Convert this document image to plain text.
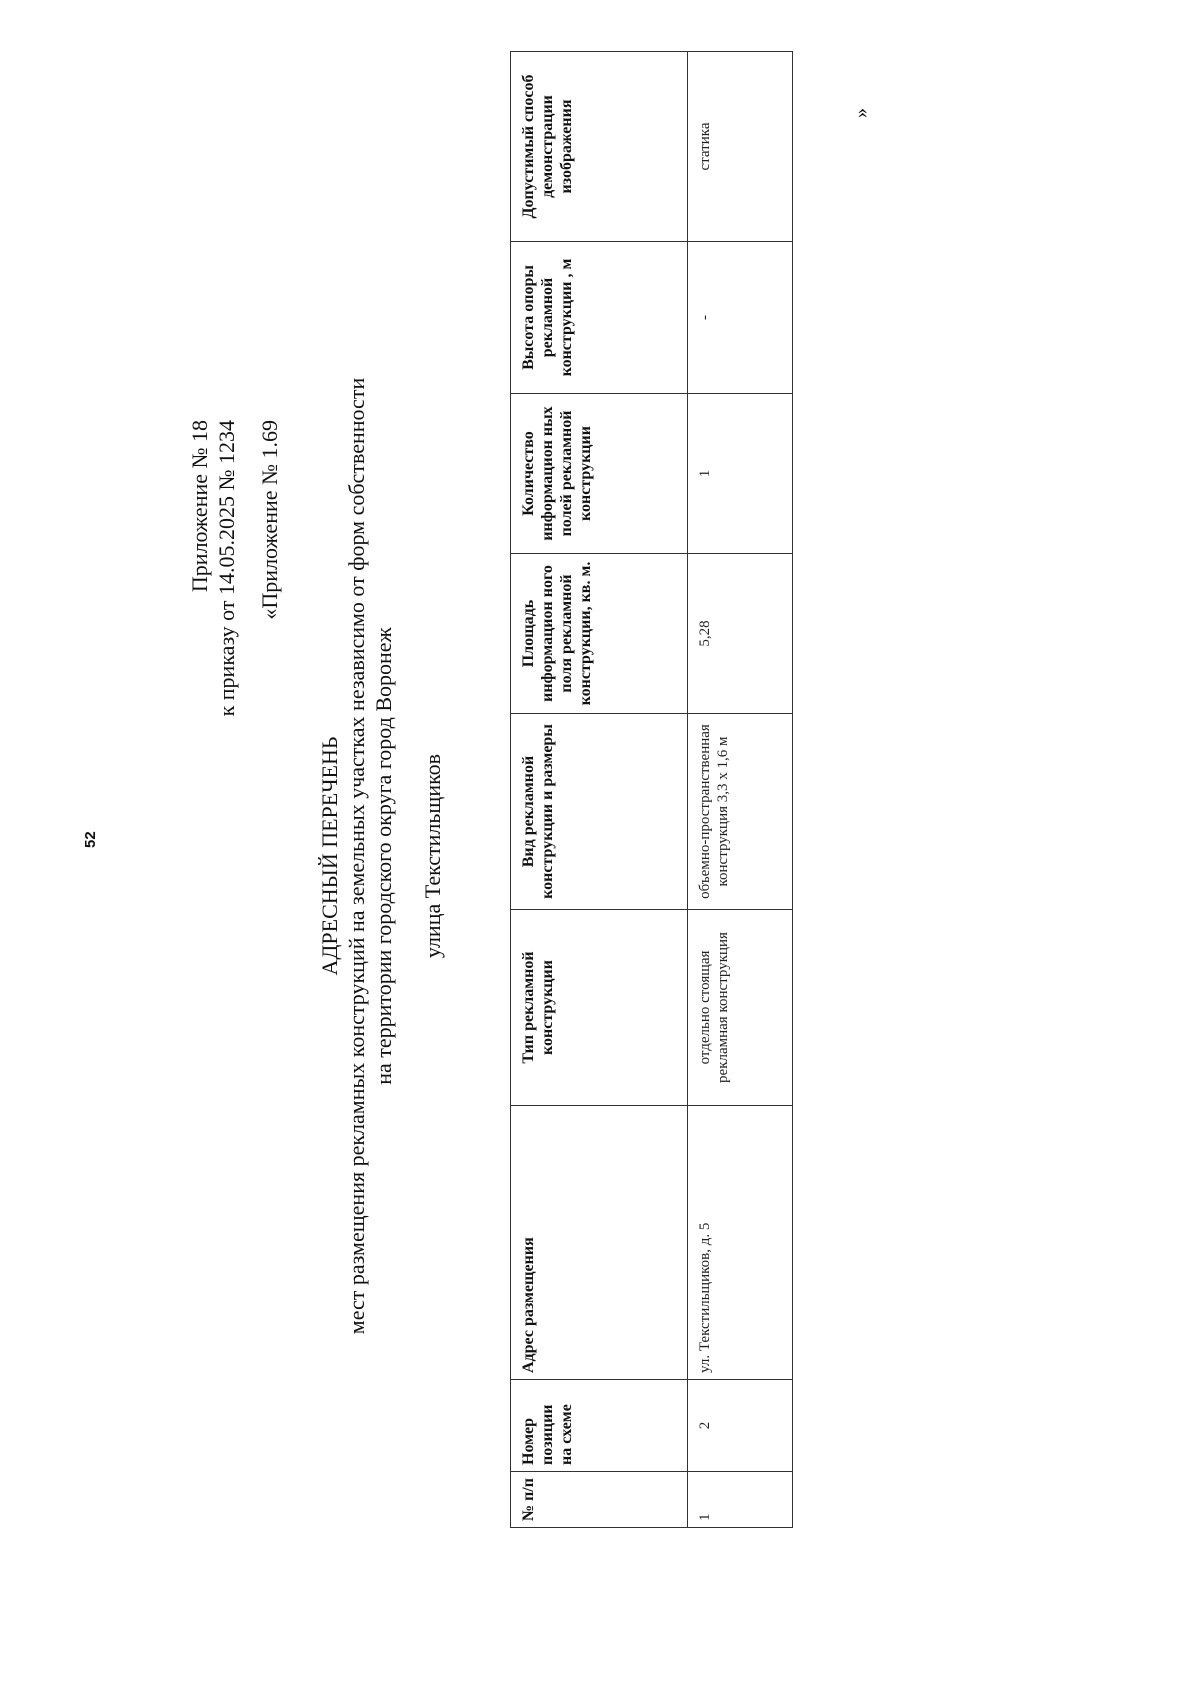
52
Приложение № 18 к приказу от 14.05.2025 № 1234 «Приложение № 1.69
АДРЕСНЫЙ ПЕРЕЧЕНЬ мест размещения рекламных конструкций на земельных участках независимо от форм собственности на территории городского округа город Воронеж улица Текстильщиков
№ п/п	Номер позиции на схеме	Адрес размещения	Тип рекламной конструкции	Вид рекламной конструкции и размеры	Площадь информацион ного поля рекламной конструкции, кв. м.	Количество информацион ных полей рекламной конструкции	Высота опоры рекламной конструкции , м	Допустимый способ демонстрации изображения
1	2	ул. Текстильщиков, д. 5	отдельно стоящая рекламная конструкция	объемно-пространственная конструкция 3,3 x 1,6 м	5,28	1	-	статика
»
